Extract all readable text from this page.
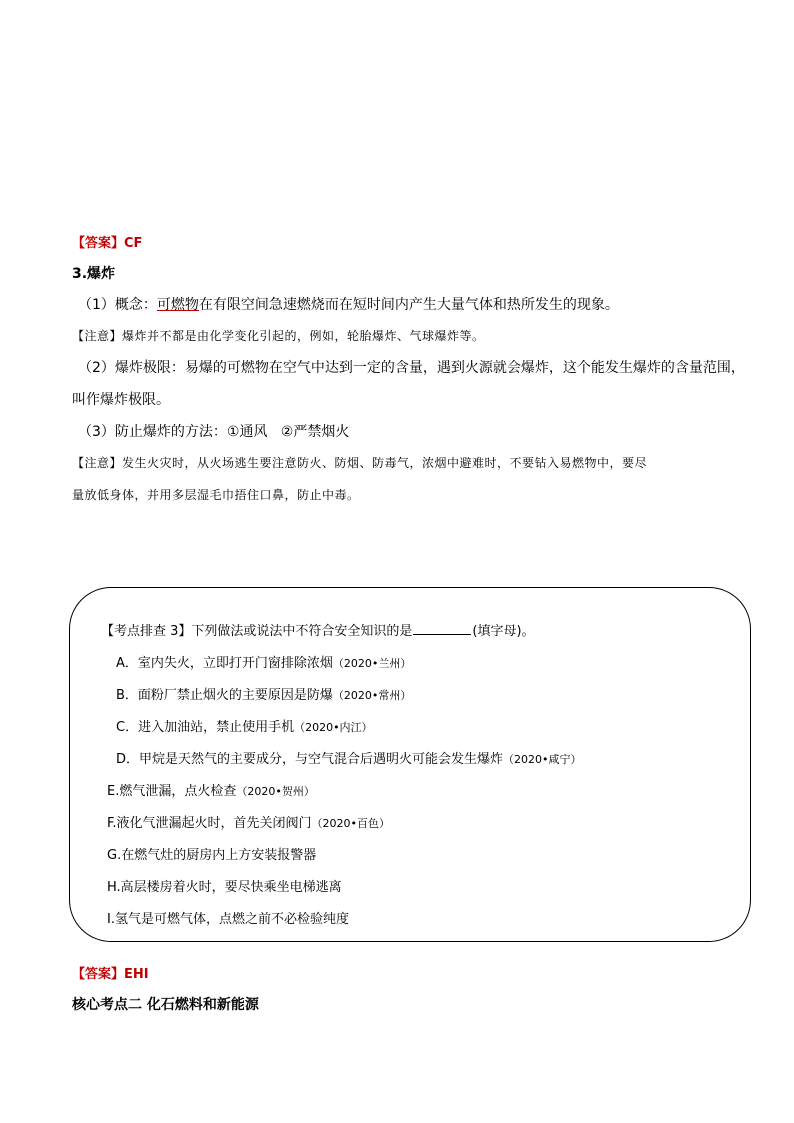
【答案】CF
3.爆炸
（1）概念：可燃物在有限空间急速燃烧而在短时间内产生大量气体和热所发生的现象。
【注意】爆炸并不都是由化学变化引起的，例如，轮胎爆炸、气球爆炸等。
（2）爆炸极限：易爆的可燃物在空气中达到一定的含量，遇到火源就会爆炸，这个能发生爆炸的含量范围，
叫作爆炸极限。
（3）防止爆炸的方法：①通风   ②严禁烟火
【注意】发生火灾时，从火场逃生要注意防火、防烟、防毒气，浓烟中避难时，不要钻入易燃物中，要尽
量放低身体，并用多层湿毛巾捂住口鼻，防止中毒。
【考点排查 3】下列做法或说法中不符合安全知识的是	(填字母)。
A．室内失火，立即打开门窗排除浓烟（2020•兰州）
B．面粉厂禁止烟火的主要原因是防爆（2020•常州）
C．进入加油站，禁止使用手机（2020•内江）
D．甲烷是天然气的主要成分，与空气混合后遇明火可能会发生爆炸（2020•咸宁）
E.燃气泄漏，点火检查（2020•贺州）
F.液化气泄漏起火时，首先关闭阀门（2020•百色）
G.在燃气灶的厨房内上方安装报警器
H.高层楼房着火时，要尽快乘坐电梯逃离
I.氢气是可燃气体，点燃之前不必检验纯度
【答案】EHI
核心考点二 化石燃料和新能源
